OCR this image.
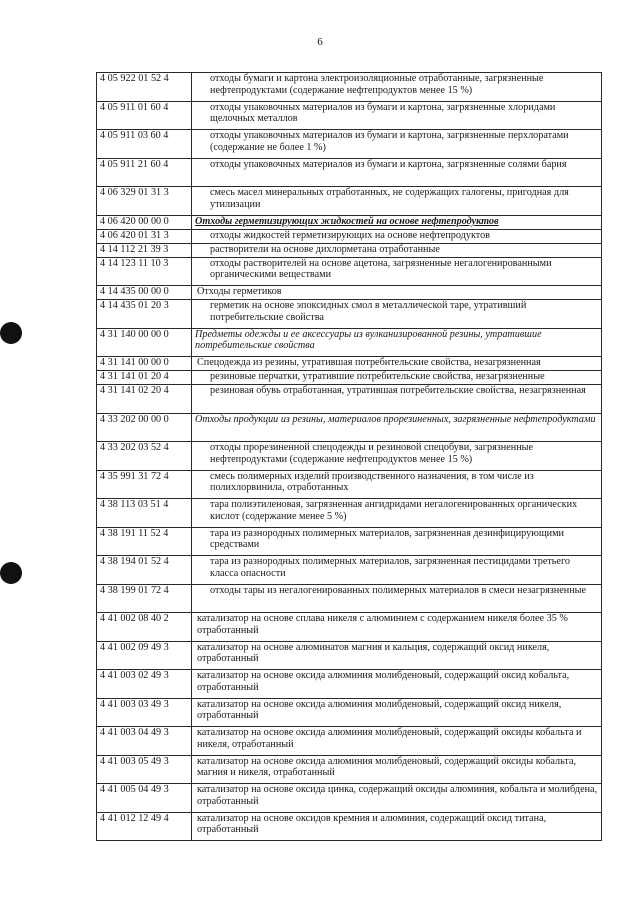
6
4 05 922 01 52 4	отходы бумаги и картона электроизоляционные отработанные, загрязненные нефтепродуктами (содержание нефтепродуктов менее 15 %)
4 05 911 01 60 4	отходы упаковочных материалов из бумаги и картона, загрязненные хлоридами щелочных металлов
4 05 911 03 60 4	отходы упаковочных материалов из бумаги и картона, загрязненные перхлоратами (содержание не более 1 %)
4 05 911 21 60 4	отходы упаковочных материалов из бумаги и картона, загрязненные солями бария
4 06 329 01 31 3	смесь масел минеральных отработанных, не содержащих галогены, пригодная для утилизации
4 06 420 00 00 0	Отходы герметизирующих жидкостей на основе нефтепродуктов
4 06 420 01 31 3	отходы жидкостей герметизирующих на основе нефтепродуктов
4 14 112 21 39 3	растворители на основе дихлорметана отработанные
4 14 123 11 10 3	отходы растворителей на основе ацетона, загрязненные негалогенированными органическими веществами
4 14 435 00 00 0	Отходы герметиков
4 14 435 01 20 3	герметик на основе эпоксидных смол в металлической таре, утративший потребительские свойства
4 31 140 00 00 0	Предметы одежды и ее аксессуары из вулканизированной резины, утратившие потребительские свойства
4 31 141 00 00 0	Спецодежда из резины, утратившая потребительские свойства, незагрязненная
4 31 141 01 20 4	резиновые перчатки, утратившие потребительские свойства, незагрязненные
4 31 141 02 20 4	резиновая обувь отработанная, утратившая потребительские свойства, незагрязненная
4 33 202 00 00 0	Отходы продукции из резины, материалов прорезиненных, загрязненные нефтепродуктами
4 33 202 03 52 4	отходы прорезиненной спецодежды и резиновой спецобуви, загрязненные нефтепродуктами (содержание нефтепродуктов менее 15 %)
4 35 991 31 72 4	смесь полимерных изделий производственного назначения, в том числе из полихлорвинила, отработанных
4 38 113 03 51 4	тара полиэтиленовая, загрязненная ангидридами негалогенированных органических кислот (содержание менее 5 %)
4 38 191 11 52 4	тара из разнородных полимерных материалов, загрязненная дезинфицирующими средствами
4 38 194 01 52 4	тара из разнородных полимерных материалов, загрязненная пестицидами третьего класса опасности
4 38 199 01 72 4	отходы тары из негалогенированных полимерных материалов в смеси незагрязненные
4 41 002 08 40 2	катализатор на основе сплава никеля с алюминием с содержанием никеля более 35 % отработанный
4 41 002 09 49 3	катализатор на основе алюминатов магния и кальция, содержащий оксид никеля, отработанный
4 41 003 02 49 3	катализатор на основе оксида алюминия молибденовый, содержащий оксид кобальта, отработанный
4 41 003 03 49 3	катализатор на основе оксида алюминия молибденовый, содержащий оксид никеля, отработанный
4 41 003 04 49 3	катализатор на основе оксида алюминия молибденовый, содержащий оксиды кобальта и никеля, отработанный
4 41 003 05 49 3	катализатор на основе оксида алюминия молибденовый, содержащий оксиды кобальта, магния и никеля, отработанный
4 41 005 04 49 3	катализатор на основе оксида цинка, содержащий оксиды алюминия, кобальта и молибдена, отработанный
4 41 012 12 49 4	катализатор на основе оксидов кремния и алюминия, содержащий оксид титана, отработанный
